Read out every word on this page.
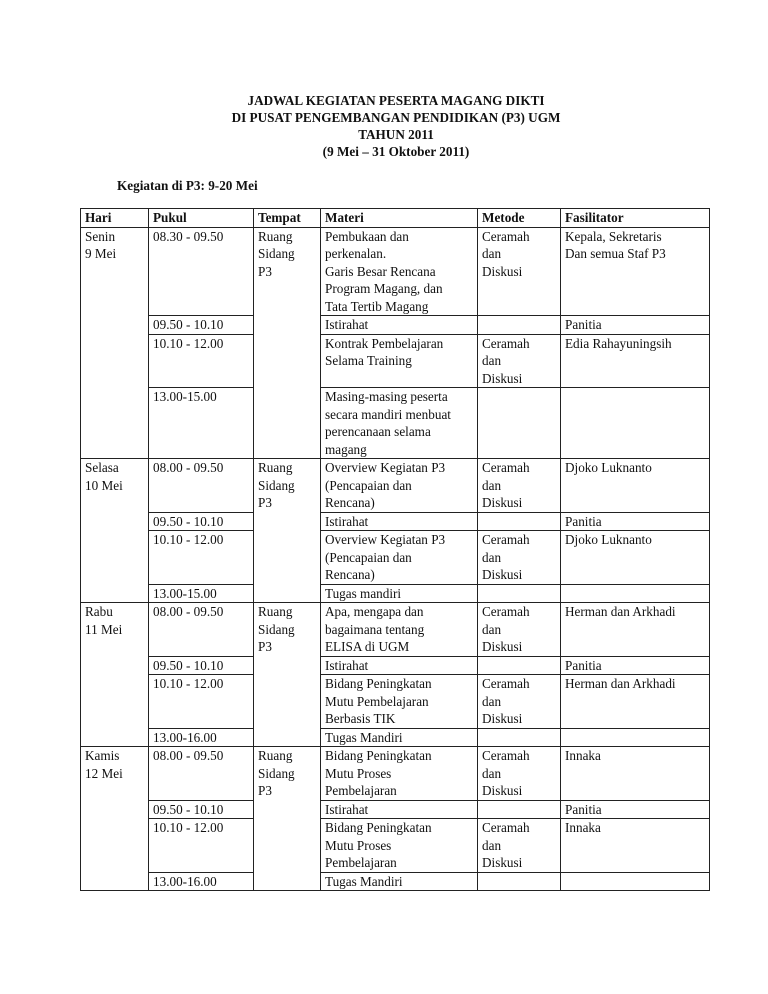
JADWAL KEGIATAN PESERTA MAGANG DIKTI
DI PUSAT PENGEMBANGAN PENDIDIKAN (P3) UGM
TAHUN 2011
(9 Mei – 31 Oktober 2011)
Kegiatan di P3: 9-20 Mei
Hari	Pukul	Tempat	Materi	Metode	Fasilitator

Senin
9 Mei	08.30 - 09.50	Ruang
Sidang
P3	Pembukaan dan
perkenalan.
Garis Besar Rencana
Program Magang, dan
Tata Tertib Magang	Ceramah
dan
Diskusi	Kepala, Sekretaris
Dan semua Staf P3

	09.50 - 10.10		Istirahat		Panitia

	10.10 - 12.00		Kontrak Pembelajaran
Selama Training	Ceramah
dan
Diskusi	Edia Rahayuningsih

	13.00-15.00		Masing-masing peserta
secara mandiri menbuat
perencanaan selama
magang		

Selasa
10 Mei	08.00 - 09.50	Ruang
Sidang
P3	Overview Kegiatan P3
(Pencapaian dan
Rencana)	Ceramah
dan
Diskusi	Djoko Luknanto

	09.50 - 10.10		Istirahat		Panitia

	10.10 - 12.00		Overview Kegiatan P3
(Pencapaian dan
Rencana)	Ceramah
dan
Diskusi	Djoko Luknanto

	13.00-15.00		Tugas mandiri		

Rabu
11 Mei	08.00 - 09.50	Ruang
Sidang
P3	Apa, mengapa dan
bagaimana tentang
ELISA di UGM	Ceramah
dan
Diskusi	Herman dan Arkhadi

	09.50 - 10.10		Istirahat		Panitia

	10.10 - 12.00		Bidang Peningkatan
Mutu Pembelajaran
Berbasis TIK	Ceramah
dan
Diskusi	Herman dan Arkhadi

	13.00-16.00		Tugas Mandiri		

Kamis
12 Mei	08.00 - 09.50	Ruang
Sidang
P3	Bidang Peningkatan
Mutu Proses
Pembelajaran	Ceramah
dan
Diskusi	Innaka

	09.50 - 10.10		Istirahat		Panitia

	10.10 - 12.00		Bidang Peningkatan
Mutu Proses
Pembelajaran	Ceramah
dan
Diskusi	Innaka

	13.00-16.00		Tugas Mandiri		
